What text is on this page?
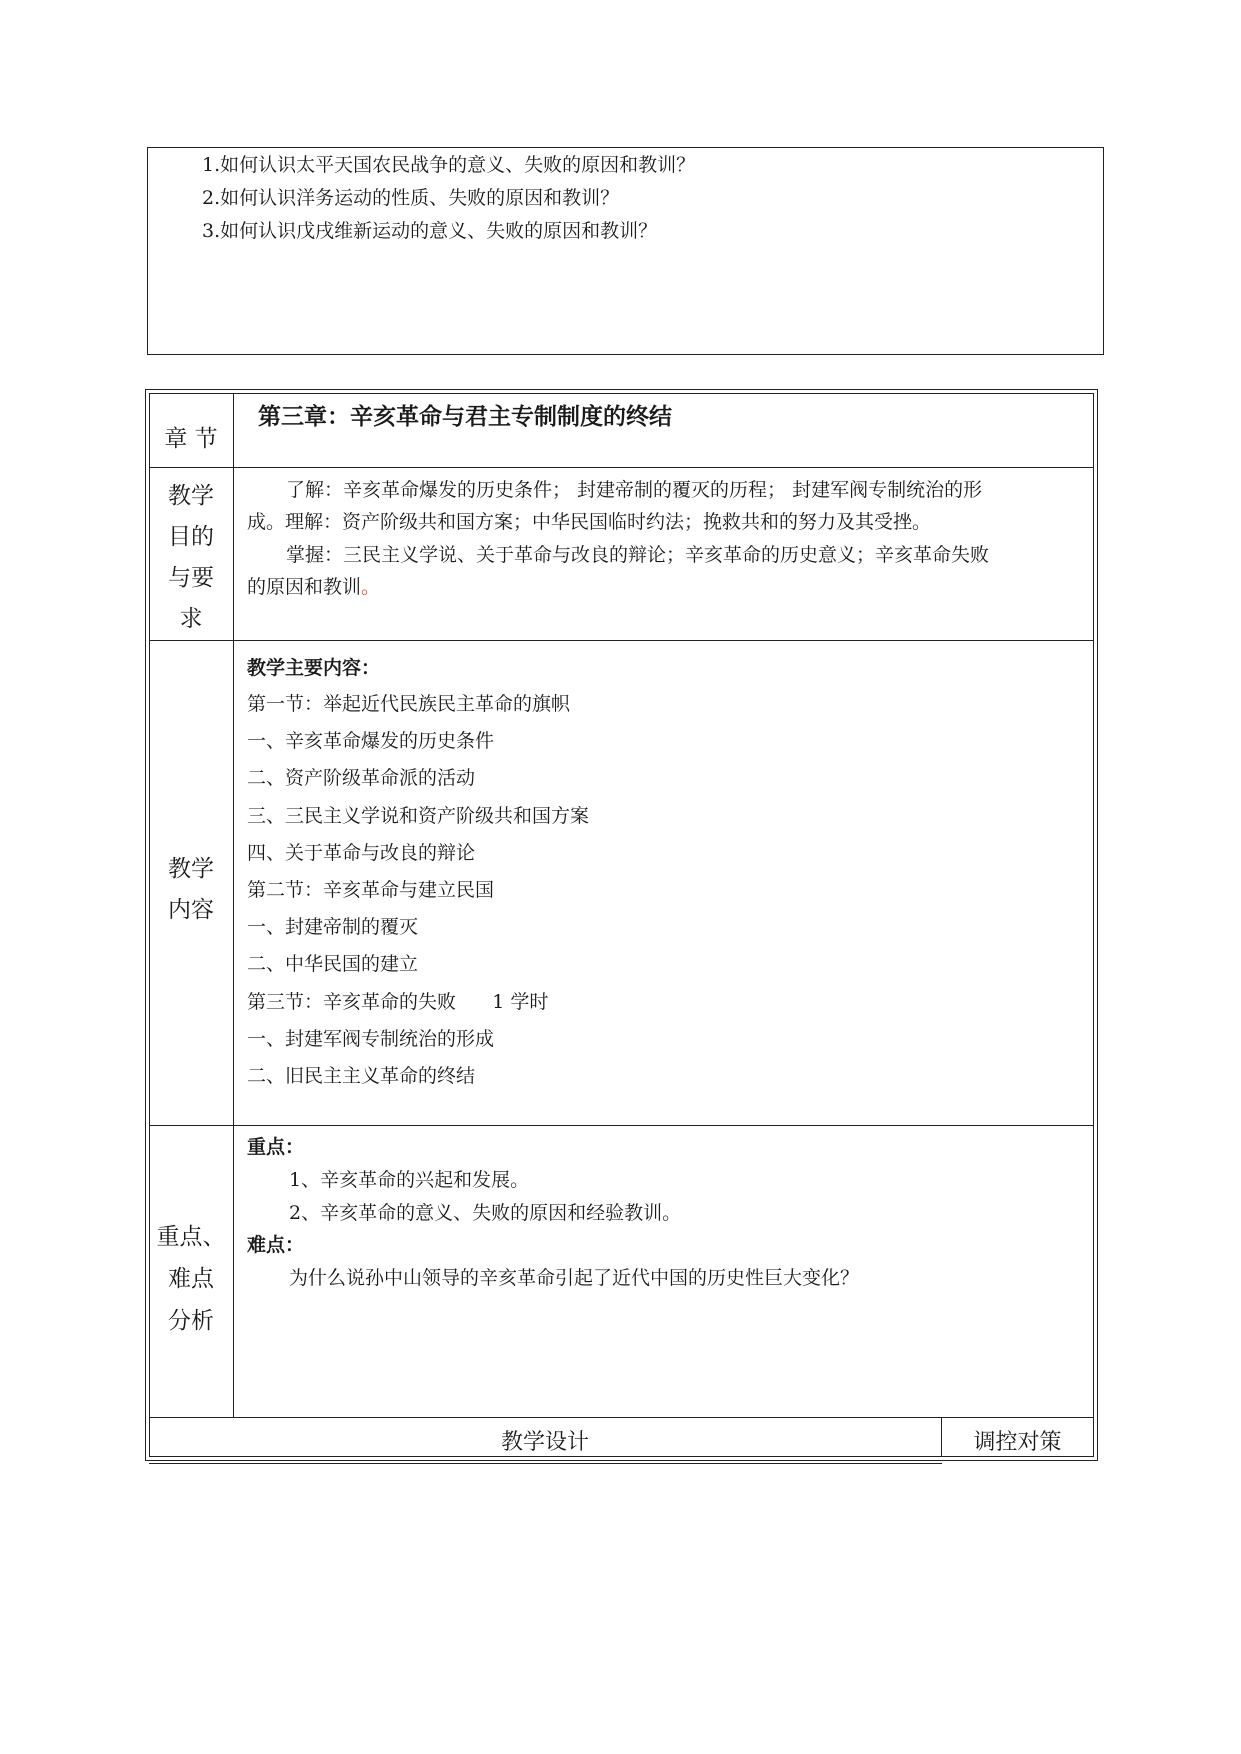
1.如何认识太平天国农民战争的意义、失败的原因和教训？
2.如何认识洋务运动的性质、失败的原因和教训？
3.如何认识戊戌维新运动的意义、失败的原因和教训？
章 节
第三章：辛亥革命与君主专制制度的终结
教学
目的
与要
求
了解：辛亥革命爆发的历史条件； 封建帝制的覆灭的历程； 封建军阀专制统治的形
成。理解：资产阶级共和国方案；中华民国临时约法；挽救共和的努力及其受挫。
掌握：三民主义学说、关于革命与改良的辩论；辛亥革命的历史意义；辛亥革命失败
的原因和教训。
教学
内容
教学主要内容：
第一节：举起近代民族民主革命的旗帜
一、辛亥革命爆发的历史条件
二、资产阶级革命派的活动
三、三民主义学说和资产阶级共和国方案
四、关于革命与改良的辩论
第二节：辛亥革命与建立民国
一、封建帝制的覆灭
二、中华民国的建立
第三节：辛亥革命的失败      1 学时
一、封建军阀专制统治的形成
二、旧民主主义革命的终结
重点、
难点
分析
重点：
1、辛亥革命的兴起和发展。
2、辛亥革命的意义、失败的原因和经验教训。
难点：
为什么说孙中山领导的辛亥革命引起了近代中国的历史性巨大变化？
教学设计	调控对策
